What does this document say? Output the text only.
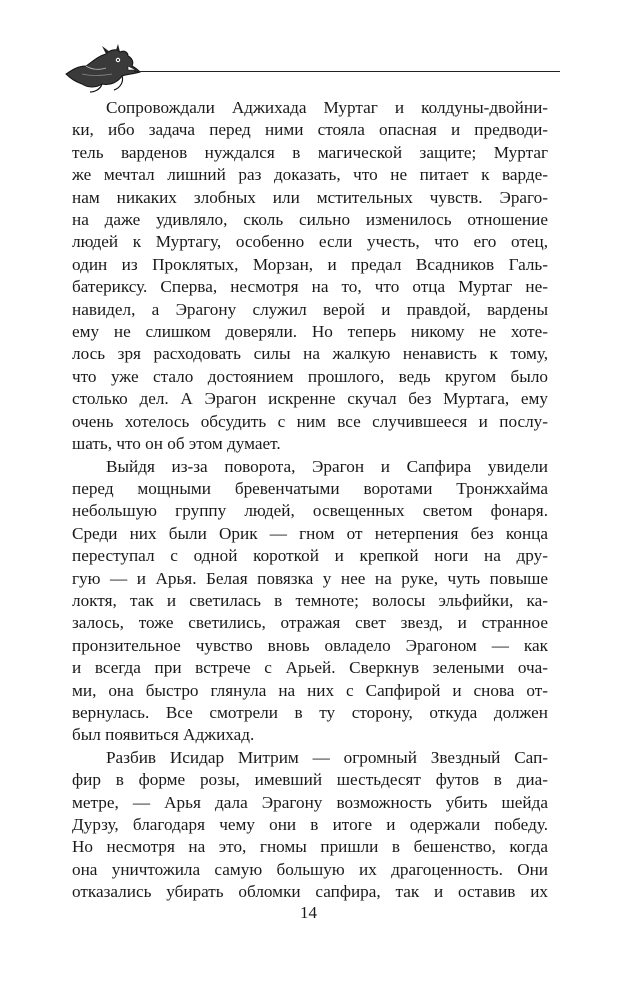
Сопровождали Аджихада Муртаг и колдуны-двойни-
ки, ибо задача перед ними стояла опасная и предводи-
тель варденов нуждался в магической защите; Муртаг
же мечтал лишний раз доказать, что не питает к варде-
нам никаких злобных или мстительных чувств. Эраго-
на даже удивляло, сколь сильно изменилось отношение
людей к Муртагу, особенно если учесть, что его отец,
один из Проклятых, Морзан, и предал Всадников Галь-
батериксу. Сперва, несмотря на то, что отца Муртаг не-
навидел, а Эрагону служил верой и правдой, вардены
ему не слишком доверяли. Но теперь никому не хоте-
лось зря расходовать силы на жалкую ненависть к тому,
что уже стало достоянием прошлого, ведь кругом было
столько дел. А Эрагон искренне скучал без Муртага, ему
очень хотелось обсудить с ним все случившееся и послу-
шать, что он об этом думает.
Выйдя из-за поворота, Эрагон и Сапфира увидели
перед мощными бревенчатыми воротами Тронжхайма
небольшую группу людей, освещенных светом фонаря.
Среди них были Орик — гном от нетерпения без конца
переступал с одной короткой и крепкой ноги на дру-
гую — и Арья. Белая повязка у нее на руке, чуть повыше
локтя, так и светилась в темноте; волосы эльфийки, ка-
залось, тоже светились, отражая свет звезд, и странное
пронзительное чувство вновь овладело Эрагоном — как
и всегда при встрече с Арьей. Сверкнув зелеными оча-
ми, она быстро глянула на них с Сапфирой и снова от-
вернулась. Все смотрели в ту сторону, откуда должен
был появиться Аджихад.
Разбив Исидар Митрим — огромный Звездный Сап-
фир в форме розы, имевший шестьдесят футов в диа-
метре, — Арья дала Эрагону возможность убить шейда
Дурзу, благодаря чему они в итоге и одержали победу.
Но несмотря на это, гномы пришли в бешенство, когда
она уничтожила самую большую их драгоценность. Они
отказались убирать обломки сапфира, так и оставив их
14
